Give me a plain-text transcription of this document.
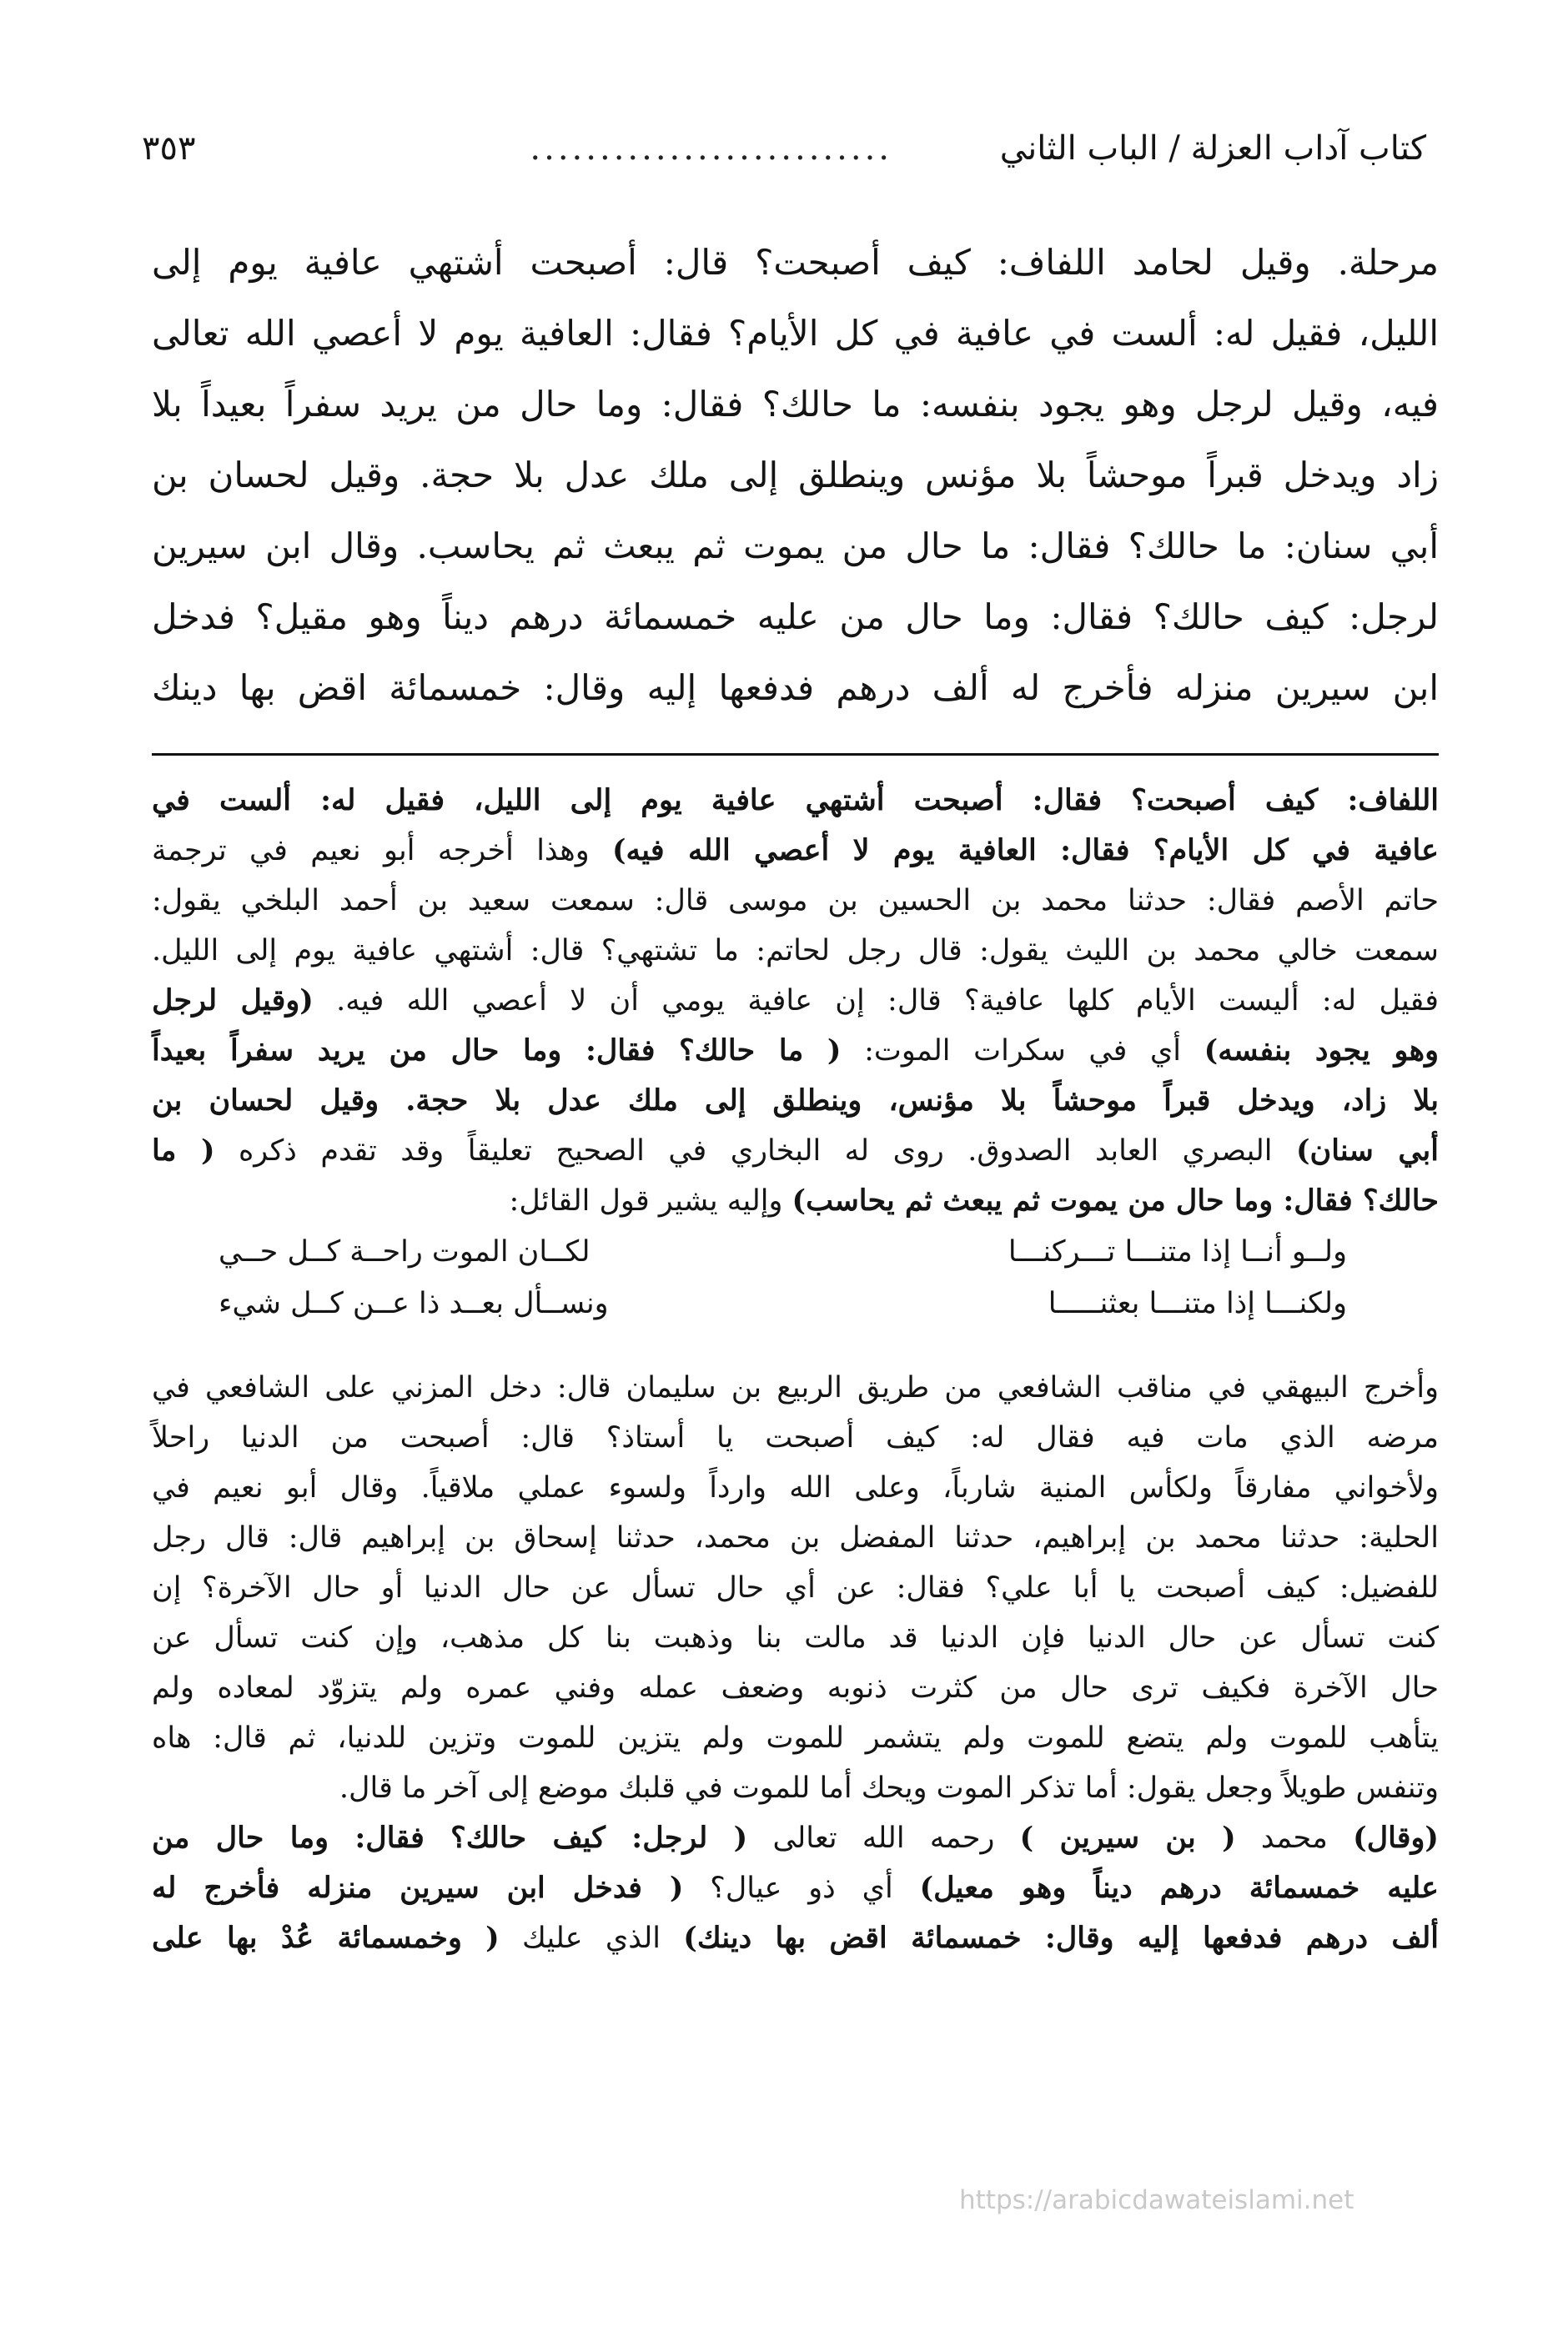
كتاب آداب العزلة / الباب الثاني
..........................
٣٥٣
مرحلة. وقيل لحامد اللفاف: كيف أصبحت؟ قال: أصبحت أشتهي عافية يوم إلى
الليل، فقيل له: ألست في عافية في كل الأيام؟ فقال: العافية يوم لا أعصي الله تعالى
فيه، وقيل لرجل وهو يجود بنفسه: ما حالك؟ فقال: وما حال من يريد سفراً بعيداً بلا
زاد ويدخل قبراً موحشاً بلا مؤنس وينطلق إلى ملك عدل بلا حجة. وقيل لحسان بن
أبي سنان: ما حالك؟ فقال: ما حال من يموت ثم يبعث ثم يحاسب. وقال ابن سيرين
لرجل: كيف حالك؟ فقال: وما حال من عليه خمسمائة درهم ديناً وهو مقيل؟ فدخل
ابن سيرين منزله فأخرج له ألف درهم فدفعها إليه وقال: خمسمائة اقض بها دينك
اللفاف: كيف أصبحت؟ فقال: أصبحت أشتهي عافية يوم إلى الليل، فقيل له: ألست في
عافية في كل الأيام؟ فقال: العافية يوم لا أعصي الله فيه) وهذا أخرجه أبو نعيم في ترجمة
حاتم الأصم فقال: حدثنا محمد بن الحسين بن موسى قال: سمعت سعيد بن أحمد البلخي يقول:
سمعت خالي محمد بن الليث يقول: قال رجل لحاتم: ما تشتهي؟ قال: أشتهي عافية يوم إلى الليل.
فقيل له: أليست الأيام كلها عافية؟ قال: إن عافية يومي أن لا أعصي الله فيه. (وقيل لرجل
وهو يجود بنفسه) أي في سكرات الموت: ( ما حالك؟ فقال: وما حال من يريد سفراً بعيداً
بلا زاد، ويدخل قبراً موحشاً بلا مؤنس، وينطلق إلى ملك عدل بلا حجة. وقيل لحسان بن
أبي سنان) البصري العابد الصدوق. روى له البخاري في الصحيح تعليقاً وقد تقدم ذكره ( ما
حالك؟ فقال: وما حال من يموت ثم يبعث ثم يحاسب) وإليه يشير قول القائل:
ولــو أنــا إذا متنـــا تـــركنـــا
لكــان الموت راحــة كــل حــي
ولكنـــا إذا متنـــا بعثنـــــا
ونســأل بعــد ذا عــن كــل شيء
وأخرج البيهقي في مناقب الشافعي من طريق الربيع بن سليمان قال: دخل المزني على الشافعي في
مرضه الذي مات فيه فقال له: كيف أصبحت يا أستاذ؟ قال: أصبحت من الدنيا راحلاً
ولأخواني مفارقاً ولكأس المنية شارباً، وعلى الله وارداً ولسوء عملي ملاقياً. وقال أبو نعيم في
الحلية: حدثنا محمد بن إبراهيم، حدثنا المفضل بن محمد، حدثنا إسحاق بن إبراهيم قال: قال رجل
للفضيل: كيف أصبحت يا أبا علي؟ فقال: عن أي حال تسأل عن حال الدنيا أو حال الآخرة؟ إن
كنت تسأل عن حال الدنيا فإن الدنيا قد مالت بنا وذهبت بنا كل مذهب، وإن كنت تسأل عن
حال الآخرة فكيف ترى حال من كثرت ذنوبه وضعف عمله وفني عمره ولم يتزوّد لمعاده ولم
يتأهب للموت ولم يتضع للموت ولم يتشمر للموت ولم يتزين للموت وتزين للدنيا، ثم قال: هاه
وتنفس طويلاً وجعل يقول: أما تذكر الموت ويحك أما للموت في قلبك موضع إلى آخر ما قال.
(وقال) محمد ( بن سيرين ) رحمه الله تعالى ( لرجل: كيف حالك؟ فقال: وما حال من
عليه خمسمائة درهم ديناً وهو معيل) أي ذو عيال؟ ( فدخل ابن سيرين منزله فأخرج له
ألف درهم فدفعها إليه وقال: خمسمائة اقض بها دينك) الذي عليك ( وخمسمائة عُدْ بها على
https://arabicdawateislami.net
